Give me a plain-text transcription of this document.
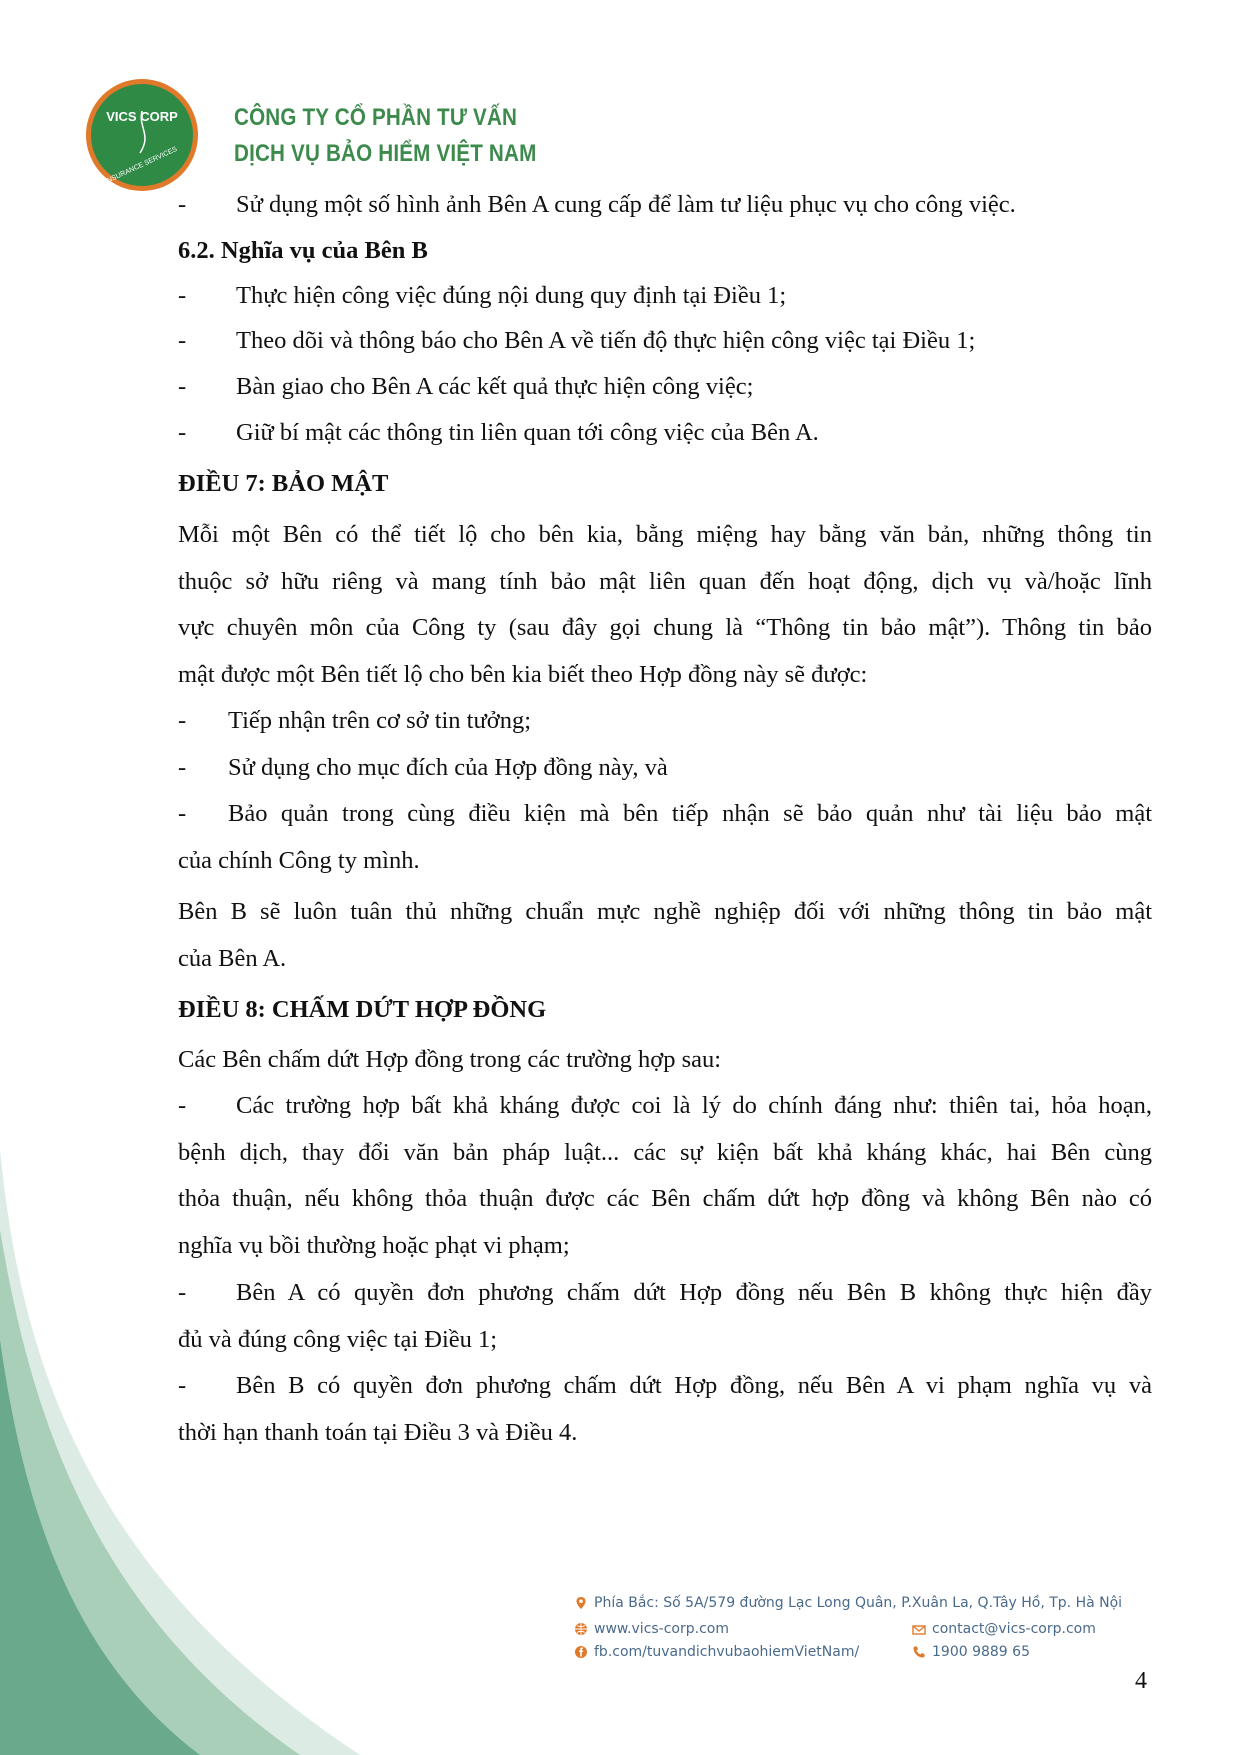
VICS CORP
INSURANCE SERVICES
CÔNG TY CỔ PHẦN TƯ VẤN
DỊCH VỤ BẢO HIỂM VIỆT NAM
- Sử dụng một số hình ảnh Bên A cung cấp để làm tư liệu phục vụ cho công việc.
6.2. Nghĩa vụ của Bên B
- Thực hiện công việc đúng nội dung quy định tại Điều 1;
- Theo dõi và thông báo cho Bên A về tiến độ thực hiện công việc tại Điều 1;
- Bàn giao cho Bên A các kết quả thực hiện công việc;
- Giữ bí mật các thông tin liên quan tới công việc của Bên A.
ĐIỀU 7: BẢO MẬT
Mỗi một Bên có thể tiết lộ cho bên kia, bằng miệng hay bằng văn bản, những thông tin
thuộc sở hữu riêng và mang tính bảo mật liên quan đến hoạt động, dịch vụ và/hoặc lĩnh
vực chuyên môn của Công ty (sau đây gọi chung là “Thông tin bảo mật”). Thông tin bảo
mật được một Bên tiết lộ cho bên kia biết theo Hợp đồng này sẽ được:
- Tiếp nhận trên cơ sở tin tưởng;
- Sử dụng cho mục đích của Hợp đồng này, và
- Bảo quản trong cùng điều kiện mà bên tiếp nhận sẽ bảo quản như tài liệu bảo mật
của chính Công ty mình.
Bên B sẽ luôn tuân thủ những chuẩn mực nghề nghiệp đối với những thông tin bảo mật
của Bên A.
ĐIỀU 8: CHẤM DỨT HỢP ĐỒNG
Các Bên chấm dứt Hợp đồng trong các trường hợp sau:
- Các trường hợp bất khả kháng được coi là lý do chính đáng như: thiên tai, hỏa hoạn,
bệnh dịch, thay đổi văn bản pháp luật... các sự kiện bất khả kháng khác, hai Bên cùng
thỏa thuận, nếu không thỏa thuận được các Bên chấm dứt hợp đồng và không Bên nào có
nghĩa vụ bồi thường hoặc phạt vi phạm;
- Bên A có quyền đơn phương chấm dứt Hợp đồng nếu Bên B không thực hiện đầy
đủ và đúng công việc tại Điều 1;
- Bên B có quyền đơn phương chấm dứt Hợp đồng, nếu Bên A vi phạm nghĩa vụ và
thời hạn thanh toán tại Điều 3 và Điều 4.
Phía Bắc: Số 5A/579 đường Lạc Long Quân, P.Xuân La, Q.Tây Hồ, Tp. Hà Nội
www.vics-corp.com	contact@vics-corp.com
fb.com/tuvandichvubaohiemVietNam/	1900 9889 65
4
